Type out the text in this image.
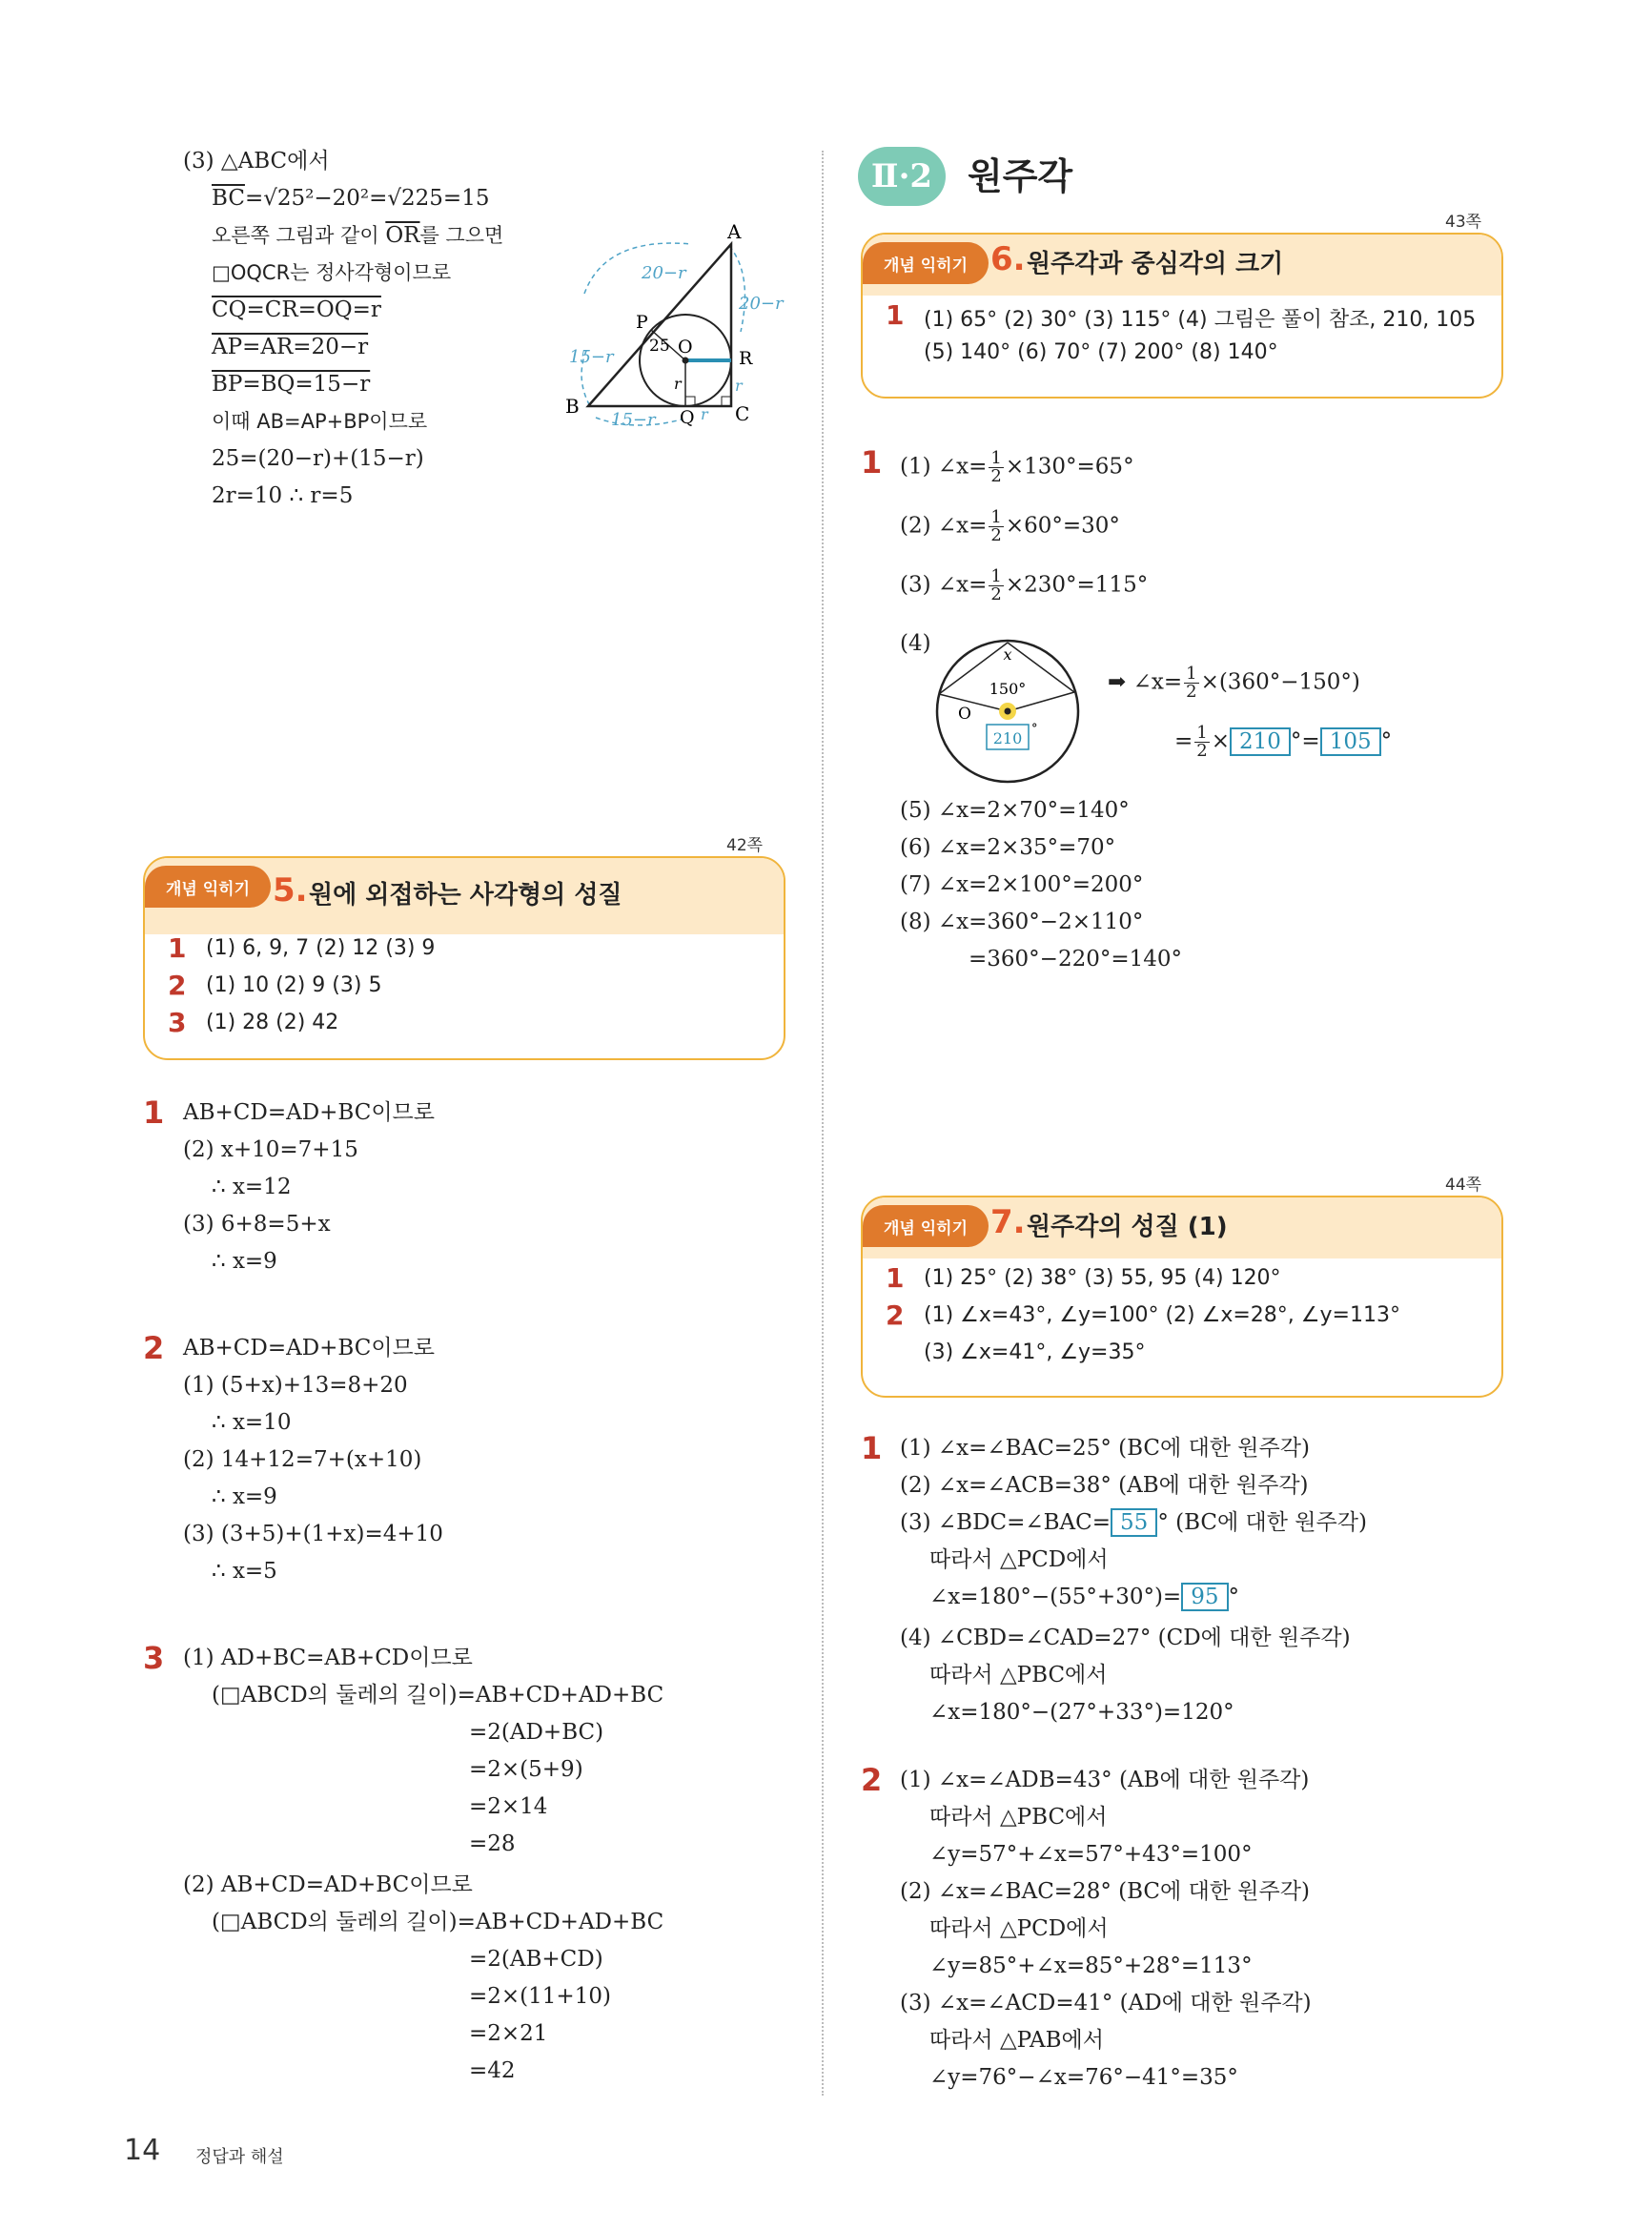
Ⅱ·2 원주각
(3) △ABC에서
$\overline{BC}=√25^2-20^2=√225=15$
오른쪽 그림과 같이 $\overline{OR}$를 그으면
□OQCR는 정사각형이므로
CQ=CR=OQ=r
AP=AR=20−r
BP=BQ=15−r
이때 AB=AP+BP이므로
25=(20−r)+(15−r)
2r=10 ∴ r=5
A
B	C
P
Q
R
O
20−r
20−r
15−r
15−r
25
r	r
r
42쪽
개념 익히기 5. 원에 외접하는 사각형의 성질
1 (1) 6, 9, 7 (2) 12 (3) 9
2 (1) 10 (2) 9 (3) 5
3 (1) 28 (2) 42
1 AB+CD=AD+BC이므로
(2) x+10=7+15
∴ x=12
(3) 6+8=5+x
∴ x=9
2 AB+CD=AD+BC이므로
(1) (5+x)+13=8+20
∴ x=10
(2) 14+12=7+(x+10)
∴ x=9
(3) (3+5)+(1+x)=4+10
∴ x=5
3 (1) AD+BC=AB+CD이므로
(□ABCD의 둘레의 길이)=AB+CD+AD+BC
=2(AD+BC)
=2×(5+9)
=2×14
=28
(2) AB+CD=AD+BC이므로
(□ABCD의 둘레의 길이)=AB+CD+AD+BC
=2(AB+CD)
=2×(11+10)
=2×21
=42
43쪽
개념 익히기 6. 원주각과 중심각의 크기
1 (1) 65° (2) 30° (3) 115° (4) 그림은 풀이 참조, 210, 105
(5) 140° (6) 70° (7) 200° (8) 140°
1 (1) ∠x= $\frac{1}{2} \times 130^\circ=65^\circ$
(2) ∠x= $\frac{1}{2} \times 60^\circ=30^\circ$
(3) ∠x= $\frac{1}{2} \times 230^\circ=115^\circ$
(4)	x
150°
O
210
°
➡ ∠x= $\frac{1}{2} \times(360^\circ-150^\circ)$
= $\frac{1}{2} \times 210$ °= 105 °
(5) ∠x=2×70°=140°
(6) ∠x=2×35°=70°
(7) ∠x=2×100°=200°
(8) ∠x=360°−2×110°
=360°−220°=140°
44쪽
개념 익히기 7. 원주각의 성질 (1)
1 (1) 25° (2) 38° (3) 55, 95 (4) 120°
2 (1) ∠x=43°, ∠y=100° (2) ∠x=28°, ∠y=113°
(3) ∠x=41°, ∠y=35°
1 (1) ∠x=∠BAC=25° (BC에 대한 원주각)
(2) ∠x=∠ACB=38° (AB에 대한 원주각)
(3) ∠BDC=∠BAC= 55 ° (BC에 대한 원주각)
따라서 △PCD에서
∠x=180°−(55°+30°)= 95 °
(4) ∠CBD=∠CAD=27° (CD에 대한 원주각)
따라서 △PBC에서
∠x=180°−(27°+33°)=120°
2 (1) ∠x=∠ADB=43° (AB에 대한 원주각)
따라서 △PBC에서
∠y=57°+∠x=57°+43°=100°
(2) ∠x=∠BAC=28° (BC에 대한 원주각)
따라서 △PCD에서
∠y=85°+∠x=85°+28°=113°
(3) ∠x=∠ACD=41° (AD에 대한 원주각)
따라서 △PAB에서
∠y=76°−∠x=76°−41°=35°
14 정답과 해설
